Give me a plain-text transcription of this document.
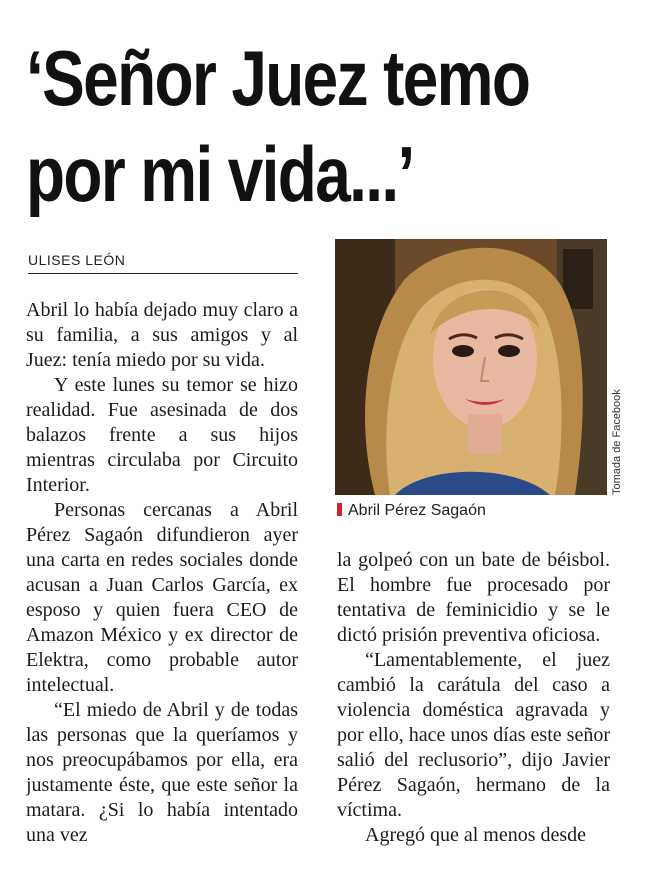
‘Señor Juez temo
por mi vida...’
ULISES LEÓN

Abril lo había dejado muy claro a su familia, a sus amigos y al Juez: tenía miedo por su vida.

Y este lunes su temor se hizo realidad. Fue asesinada de dos balazos frente a sus hijos mientras circulaba por Circuito Interior.

Personas cercanas a Abril Pérez Sagaón difundieron ayer una carta en redes sociales donde acusan a Juan Carlos García, ex esposo y quien fuera CEO de Amazon México y ex director de Elektra, como probable autor intelectual.

“El miedo de Abril y de todas las personas que la queríamos y nos preocupábamos por ella, era justamente éste, que este señor la matara. ¿Si lo había intentado una vez

Tomada de Facebook
Abril Pérez Sagaón

la golpeó con un bate de béisbol. El hombre fue procesado por tentativa de feminicidio y se le dictó prisión preventiva oficiosa.

“Lamentablemente, el juez cambió la carátula del caso a violencia doméstica agravada y por ello, hace unos días este señor salió del reclusorio”, dijo Javier Pérez Sagaón, hermano de la víctima.

Agregó que al menos desde
